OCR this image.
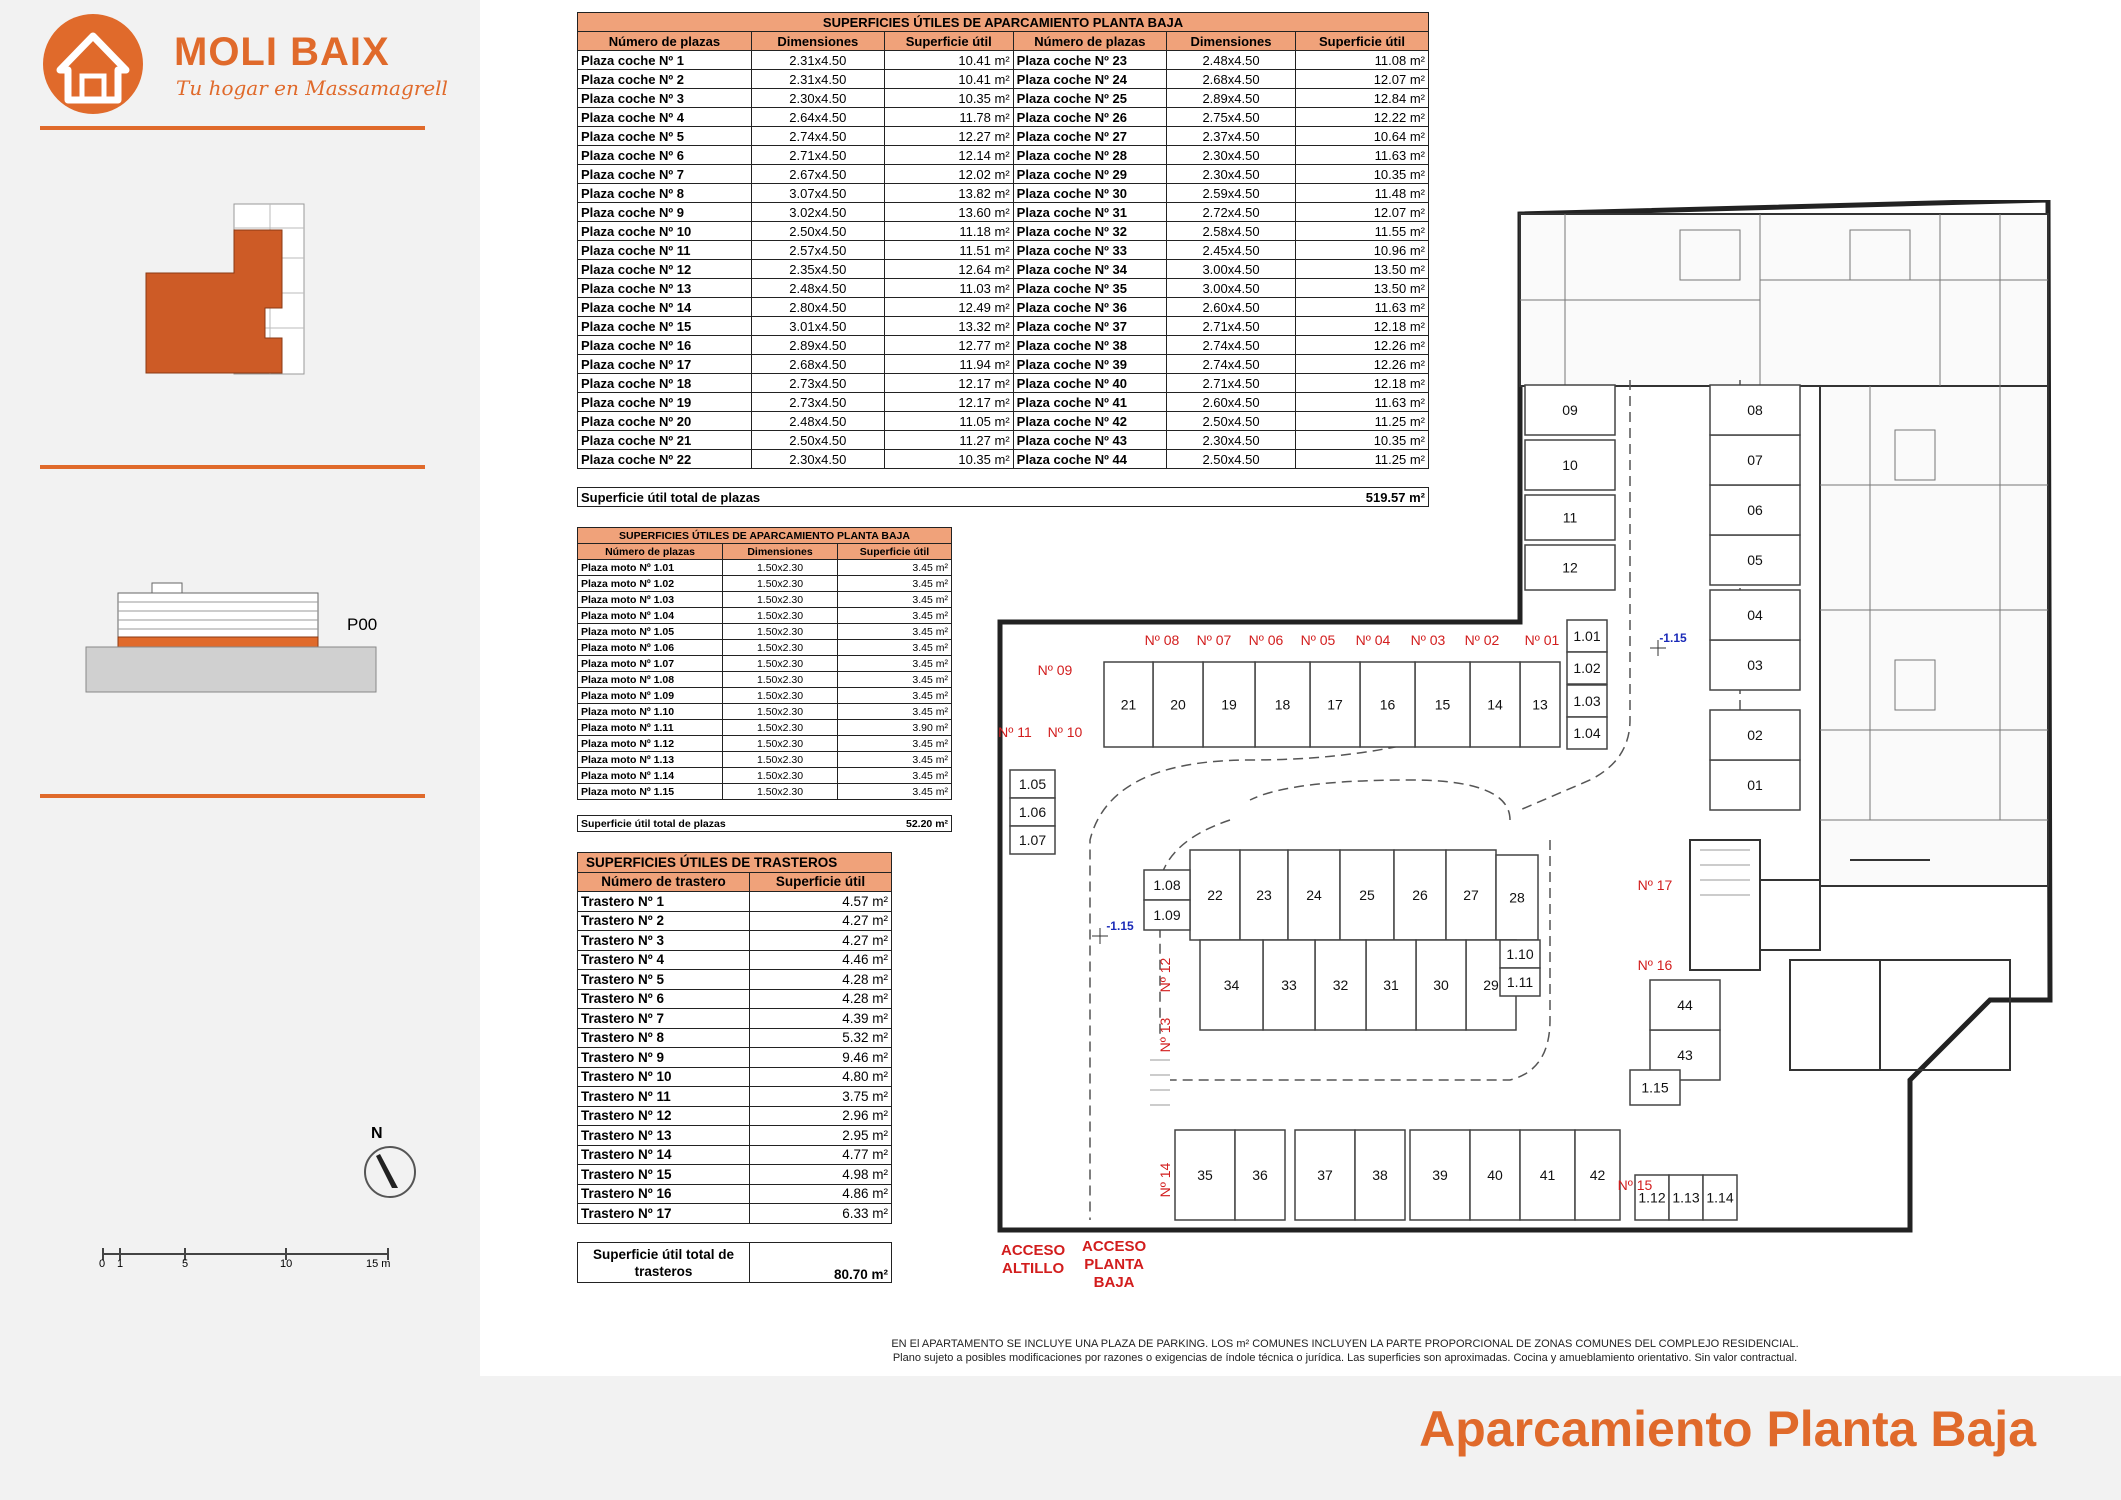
MOLI BAIX
Tu hogar en Massamagrell
P00
N
0 1	5	10	15 m
SUPERFICIES ÚTILES DE APARCAMIENTO PLANTA BAJA					
Número de plazas	Dimensiones	Superficie útil	Número de plazas	Dimensiones	Superficie útil
Plaza coche Nº 1	2.31x4.50	10.41 m²	Plaza coche Nº 23	2.48x4.50	11.08 m²
Plaza coche Nº 2	2.31x4.50	10.41 m²	Plaza coche Nº 24	2.68x4.50	12.07 m²
Plaza coche Nº 3	2.30x4.50	10.35 m²	Plaza coche Nº 25	2.89x4.50	12.84 m²
Plaza coche Nº 4	2.64x4.50	11.78 m²	Plaza coche Nº 26	2.75x4.50	12.22 m²
Plaza coche Nº 5	2.74x4.50	12.27 m²	Plaza coche Nº 27	2.37x4.50	10.64 m²
Plaza coche Nº 6	2.71x4.50	12.14 m²	Plaza coche Nº 28	2.30x4.50	11.63 m²
Plaza coche Nº 7	2.67x4.50	12.02 m²	Plaza coche Nº 29	2.30x4.50	10.35 m²
Plaza coche Nº 8	3.07x4.50	13.82 m²	Plaza coche Nº 30	2.59x4.50	11.48 m²
Plaza coche Nº 9	3.02x4.50	13.60 m²	Plaza coche Nº 31	2.72x4.50	12.07 m²
Plaza coche Nº 10	2.50x4.50	11.18 m²	Plaza coche Nº 32	2.58x4.50	11.55 m²
Plaza coche Nº 11	2.57x4.50	11.51 m²	Plaza coche Nº 33	2.45x4.50	10.96 m²
Plaza coche Nº 12	2.35x4.50	12.64 m²	Plaza coche Nº 34	3.00x4.50	13.50 m²
Plaza coche Nº 13	2.48x4.50	11.03 m²	Plaza coche Nº 35	3.00x4.50	13.50 m²
Plaza coche Nº 14	2.80x4.50	12.49 m²	Plaza coche Nº 36	2.60x4.50	11.63 m²
Plaza coche Nº 15	3.01x4.50	13.32 m²	Plaza coche Nº 37	2.71x4.50	12.18 m²
Plaza coche Nº 16	2.89x4.50	12.77 m²	Plaza coche Nº 38	2.74x4.50	12.26 m²
Plaza coche Nº 17	2.68x4.50	11.94 m²	Plaza coche Nº 39	2.74x4.50	12.26 m²
Plaza coche Nº 18	2.73x4.50	12.17 m²	Plaza coche Nº 40	2.71x4.50	12.18 m²
Plaza coche Nº 19	2.73x4.50	12.17 m²	Plaza coche Nº 41	2.60x4.50	11.63 m²
Plaza coche Nº 20	2.48x4.50	11.05 m²	Plaza coche Nº 42	2.50x4.50	11.25 m²
Plaza coche Nº 21	2.50x4.50	11.27 m²	Plaza coche Nº 43	2.30x4.50	10.35 m²
Plaza coche Nº 22	2.30x4.50	10.35 m²	Plaza coche Nº 44	2.50x4.50	11.25 m²

Superficie útil total de plazas			519.57 m²		
SUPERFICIES ÚTILES DE APARCAMIENTO PLANTA BAJA		
Número de plazas	Dimensiones	Superficie útil
Plaza moto Nº 1.01	1.50x2.30	3.45 m²
Plaza moto Nº 1.02	1.50x2.30	3.45 m²
Plaza moto Nº 1.03	1.50x2.30	3.45 m²
Plaza moto Nº 1.04	1.50x2.30	3.45 m²
Plaza moto Nº 1.05	1.50x2.30	3.45 m²
Plaza moto Nº 1.06	1.50x2.30	3.45 m²
Plaza moto Nº 1.07	1.50x2.30	3.45 m²
Plaza moto Nº 1.08	1.50x2.30	3.45 m²
Plaza moto Nº 1.09	1.50x2.30	3.45 m²
Plaza moto Nº 1.10	1.50x2.30	3.45 m²
Plaza moto Nº 1.11	1.50x2.30	3.90 m²
Plaza moto Nº 1.12	1.50x2.30	3.45 m²
Plaza moto Nº 1.13	1.50x2.30	3.45 m²
Plaza moto Nº 1.14	1.50x2.30	3.45 m²
Plaza moto Nº 1.15	1.50x2.30	3.45 m²

Superficie útil total de plazas		52.20 m²
SUPERFICIES ÚTILES DE TRASTEROS	
Número de trastero	Superficie útil
Trastero Nº 1	4.57 m²
Trastero Nº 2	4.27 m²
Trastero Nº 3	4.27 m²
Trastero Nº 4	4.46 m²
Trastero Nº 5	4.28 m²
Trastero Nº 6	4.28 m²
Trastero Nº 7	4.39 m²
Trastero Nº 8	5.32 m²
Trastero Nº 9	9.46 m²
Trastero Nº 10	4.80 m²
Trastero Nº 11	3.75 m²
Trastero Nº 12	2.96 m²
Trastero Nº 13	2.95 m²
Trastero Nº 14	4.77 m²
Trastero Nº 15	4.98 m²
Trastero Nº 16	4.86 m²
Trastero Nº 17	6.33 m²

Superficie útil total de
trasteros	80.70 m²
01
02
03
04
05
06
07
08
09
10
11
12
13
14
15
16
17
18
19
20
21
22 23 24	25	26	27 28
29
30
31
32
33
34
35	36	37	38	39	40	41 42
43
44
1.01
1.02
1.03
1.04
1.05
1.06
1.07
1.08
1.09
1.10
1.11
1.12 1.13 1.14
1.15
Nº 01
Nº 02
Nº 03
Nº 04
Nº 05
Nº 06
Nº 07
Nº 08
Nº 09
Nº 10
Nº 11
Nº 12
Nº 13
Nº 14	Nº 15
Nº 16
Nº 17
-1.15
-1.15
ACCESO
ALTILLO
ACCESO
PLANTA
BAJA
EN El APARTAMENTO SE INCLUYE UNA PLAZA DE PARKING. LOS m² COMUNES INCLUYEN LA PARTE PROPORCIONAL DE ZONAS COMUNES DEL COMPLEJO RESIDENCIAL.
Plano sujeto a posibles modificaciones por razones o exigencias de índole técnica o jurídica. Las superficies son aproximadas. Cocina y amueblamiento orientativo. Sin valor contractual.
Aparcamiento Planta Baja
